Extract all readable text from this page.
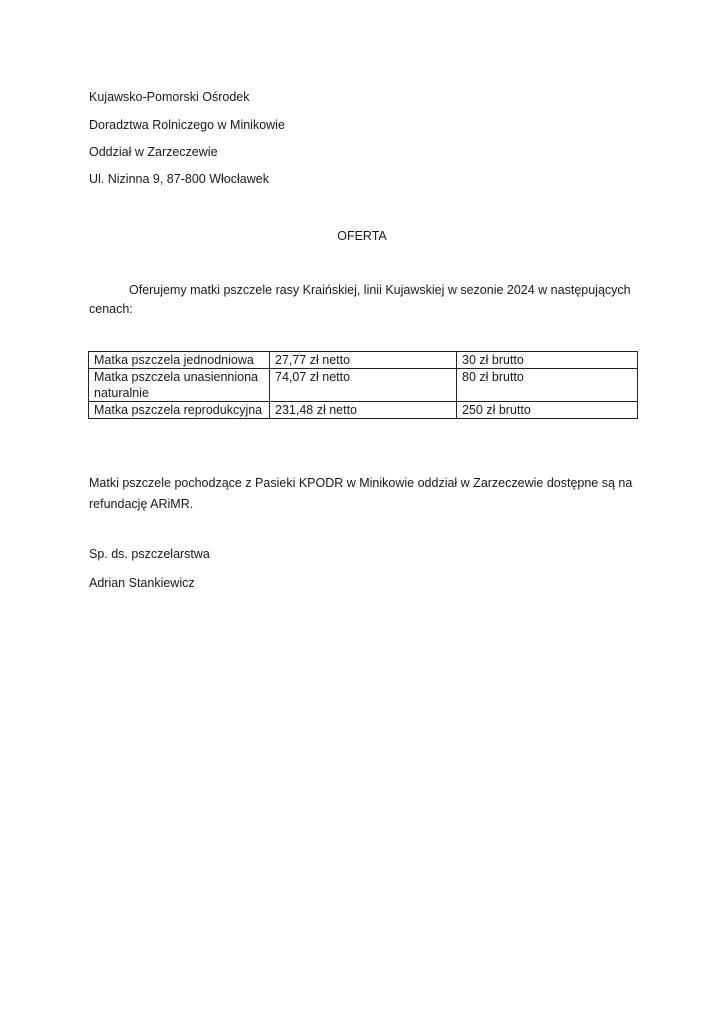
Kujawsko-Pomorski Ośrodek
Doradztwa Rolniczego w Minikowie
Oddział w Zarzeczewie
Ul. Nizinna 9, 87-800 Włocławek
OFERTA
Oferujemy matki pszczele rasy Kraińskiej, linii Kujawskiej w sezonie 2024 w następujących cenach:
Matka pszczela jednodniowa	27,77 zł netto	30 zł brutto
Matka pszczela unasienniona naturalnie	74,07 zł netto	80 zł brutto
Matka pszczela reprodukcyjna	231,48 zł netto	250 zł brutto
Matki pszczele pochodzące z Pasieki KPODR w Minikowie oddział w Zarzeczewie dostępne są na refundację ARiMR.
Sp. ds. pszczelarstwa
Adrian Stankiewicz
